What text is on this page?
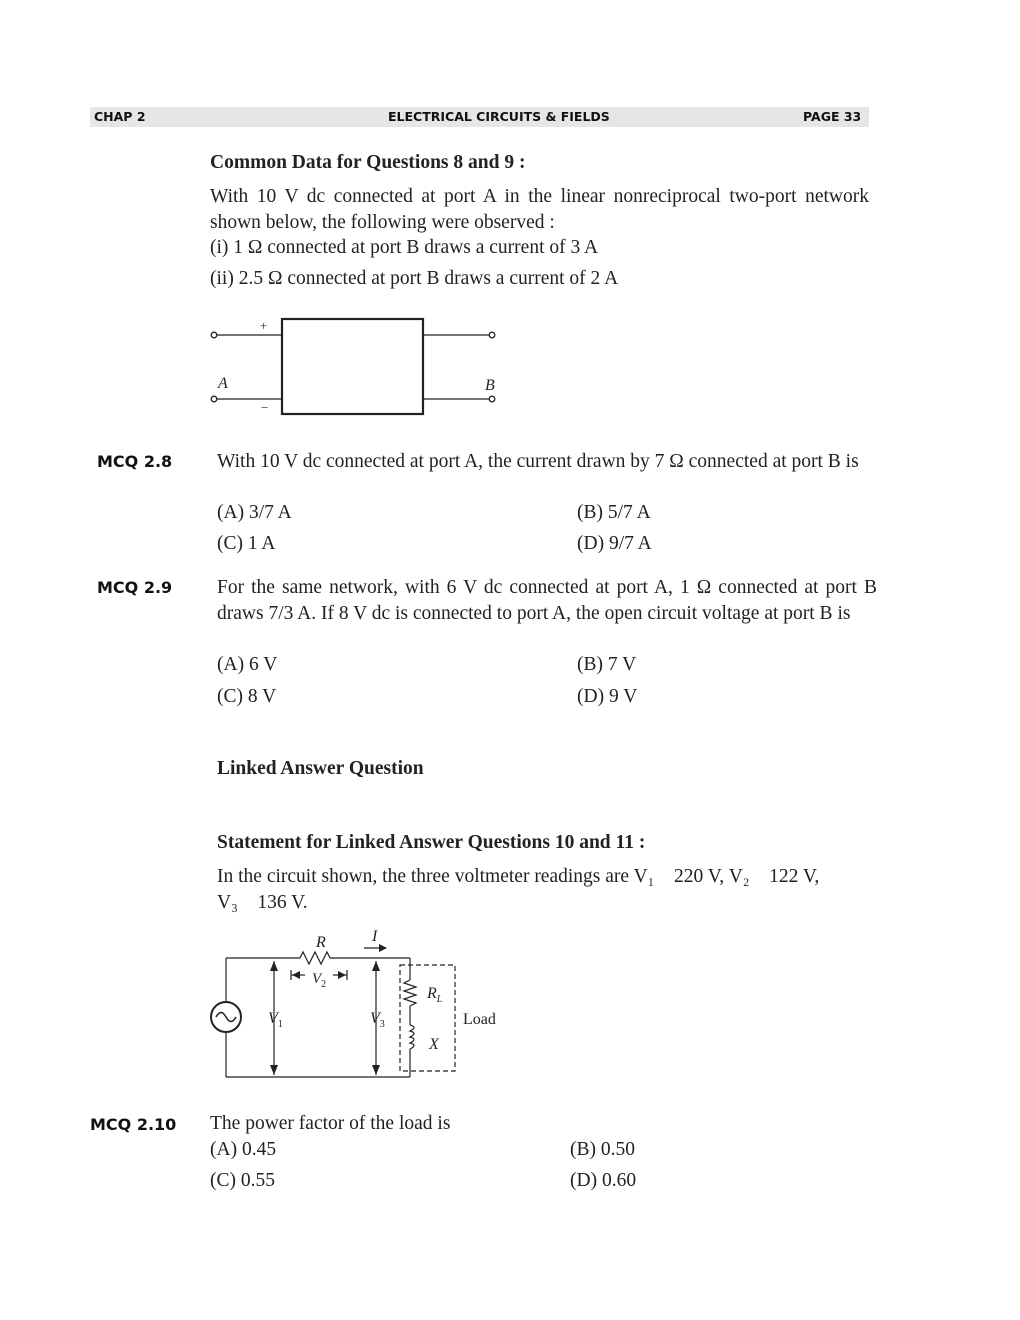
CHAP 2	ELECTRICAL CIRCUITS & FIELDS	PAGE 33
Common Data for Questions 8 and 9 :
With 10 V dc connected at port A in the linear nonreciprocal two-port network shown below, the following were observed :
(i) 1 Ω connected at port B draws a current of 3 A
(ii) 2.5 Ω connected at port B draws a current of 2 A
+
−
A	B
MCQ 2.8 With 10 V dc connected at port A, the current drawn by 7 Ω connected at port B is
(A) 3/7 A	(B) 5/7 A
(C) 1 A	(D) 9/7 A
MCQ 2.9 For the same network, with 6 V dc connected at port A, 1 Ω connected at port B draws 7/3 A. If 8 V dc is connected to port A, the open circuit voltage at port B is
(A) 6 V	(B) 7 V
(C) 8 V	(D) 9 V
Linked Answer Question
Statement for Linked Answer Questions 10 and 11 :
In the circuit shown, the three voltmeter readings are V₁    220 V, V₂    122 V,
V₃    136 V.
R	I
$V_2$
$V_1$	$V_3$
$R_L$
X
Load
MCQ 2.10 The power factor of the load is
(A) 0.45	(B) 0.50
(C) 0.55	(D) 0.60
